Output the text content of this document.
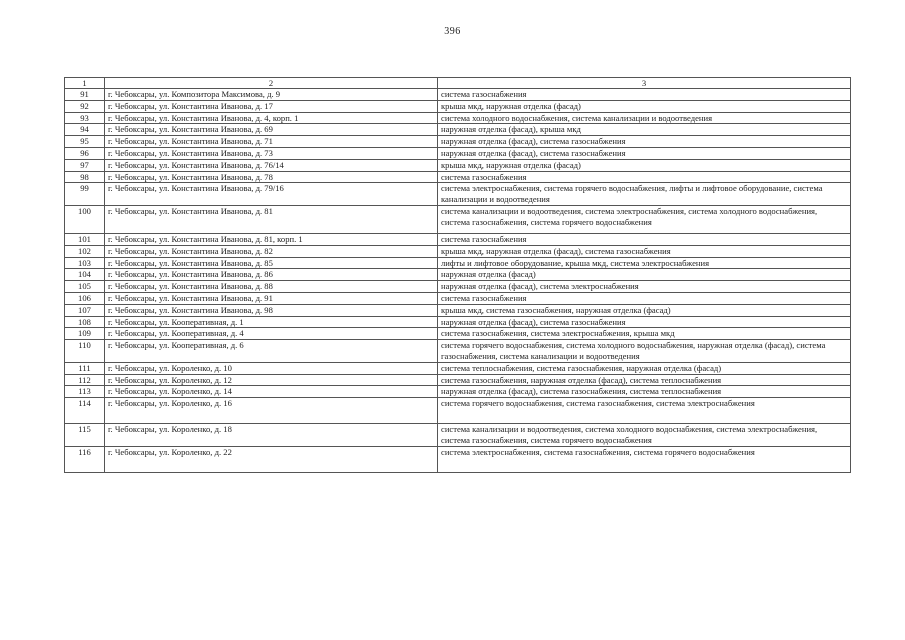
396
1	2	3
91	г. Чебоксары, ул. Композитора Максимова, д. 9	система газоснабжения
92	г. Чебоксары, ул. Константина Иванова, д. 17	крыша мкд, наружная отделка (фасад)
93	г. Чебоксары, ул. Константина Иванова, д. 4, корп. 1	система холодного водоснабжения, система канализации и водоотведения
94	г. Чебоксары, ул. Константина Иванова, д. 69	наружная отделка (фасад), крыша мкд
95	г. Чебоксары, ул. Константина Иванова, д. 71	наружная отделка (фасад), система газоснабжения
96	г. Чебоксары, ул. Константина Иванова, д. 73	наружная отделка (фасад), система газоснабжения
97	г. Чебоксары, ул. Константина Иванова, д. 76/14	крыша мкд, наружная отделка (фасад)
98	г. Чебоксары, ул. Константина Иванова, д. 78	система газоснабжения
99	г. Чебоксары, ул. Константина Иванова, д. 79/16	система электроснабжения, система горячего водоснабжения, лифты и лифтовое оборудование, система канализации и водоотведения
100	г. Чебоксары, ул. Константина Иванова, д. 81	система канализации и водоотведения, система электроснабжения, система холодного водоснабжения, система газоснабжения, система горячего водоснабжения
101	г. Чебоксары, ул. Константина Иванова, д. 81, корп. 1	система газоснабжения
102	г. Чебоксары, ул. Константина Иванова, д. 82	крыша мкд, наружная отделка (фасад), система газоснабжения
103	г. Чебоксары, ул. Константина Иванова, д. 85	лифты и лифтовое оборудование, крыша мкд, система электроснабжения
104	г. Чебоксары, ул. Константина Иванова, д. 86	наружная отделка (фасад)
105	г. Чебоксары, ул. Константина Иванова, д. 88	наружная отделка (фасад), система электроснабжения
106	г. Чебоксары, ул. Константина Иванова, д. 91	система газоснабжения
107	г. Чебоксары, ул. Константина Иванова, д. 98	крыша мкд, система газоснабжения, наружная отделка (фасад)
108	г. Чебоксары, ул. Кооперативная, д. 1	наружная отделка (фасад), система газоснабжения
109	г. Чебоксары, ул. Кооперативная, д. 4	система газоснабжения, система электроснабжения, крыша мкд
110	г. Чебоксары, ул. Кооперативная, д. 6	система горячего водоснабжения, система холодного водоснабжения, наружная отделка (фасад), система газоснабжения, система канализации и водоотведения
111	г. Чебоксары, ул. Короленко, д. 10	система теплоснабжения, система газоснабжения, наружная отделка (фасад)
112	г. Чебоксары, ул. Короленко, д. 12	система газоснабжения, наружная отделка (фасад), система теплоснабжения
113	г. Чебоксары, ул. Короленко, д. 14	наружная отделка (фасад), система газоснабжения, система теплоснабжения
114	г. Чебоксары, ул. Короленко, д. 16	система горячего водоснабжения, система газоснабжения, система электроснабжения
115	г. Чебоксары, ул. Короленко, д. 18	система канализации и водоотведения, система холодного водоснабжения, система электроснабжения, система газоснабжения, система горячего водоснабжения
116	г. Чебоксары, ул. Короленко, д. 22	система электроснабжения, система газоснабжения, система горячего водоснабжения
